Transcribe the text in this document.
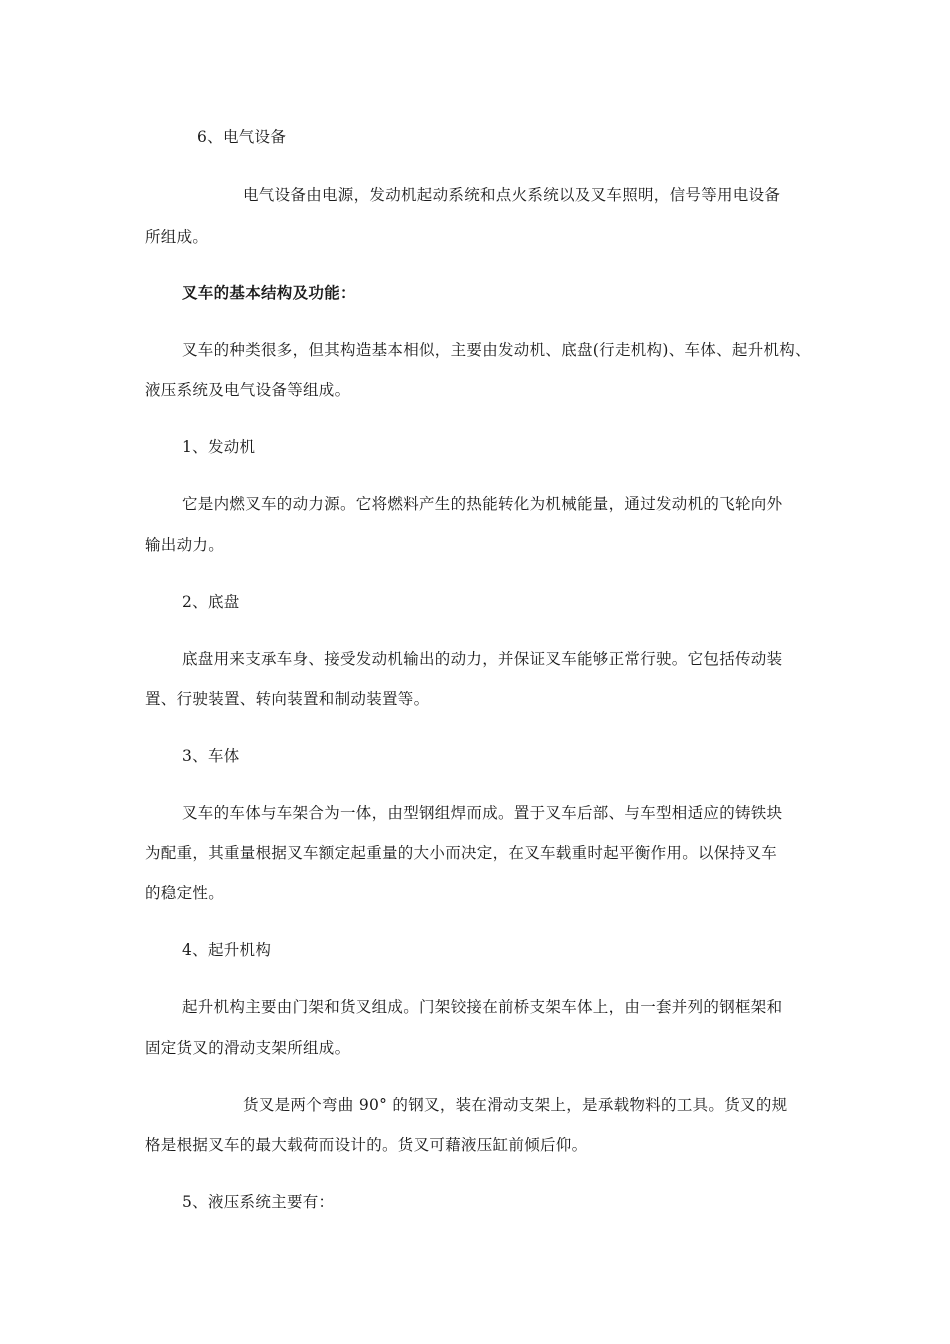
6、电气设备
电气设备由电源，发动机起动系统和点火系统以及叉车照明，信号等用电设备
所组成。
叉车的基本结构及功能：
叉车的种类很多，但其构造基本相似，主要由发动机、底盘(行走机构)、车体、起升机构、
液压系统及电气设备等组成。
1、发动机
它是内燃叉车的动力源。它将燃料产生的热能转化为机械能量，通过发动机的飞轮向外
输出动力。
2、底盘
底盘用来支承车身、接受发动机输出的动力，并保证叉车能够正常行驶。它包括传动装
置、行驶装置、转向装置和制动装置等。
3、车体
叉车的车体与车架合为一体，由型钢组焊而成。置于叉车后部、与车型相适应的铸铁块
为配重，其重量根据叉车额定起重量的大小而决定，在叉车载重时起平衡作用。以保持叉车
的稳定性。
4、起升机构
起升机构主要由门架和货叉组成。门架铰接在前桥支架车体上，由一套并列的钢框架和
固定货叉的滑动支架所组成。
货叉是两个弯曲 90° 的钢叉，装在滑动支架上，是承载物料的工具。货叉的规
格是根据叉车的最大载荷而设计的。货叉可藉液压缸前倾后仰。
5、液压系统主要有：
